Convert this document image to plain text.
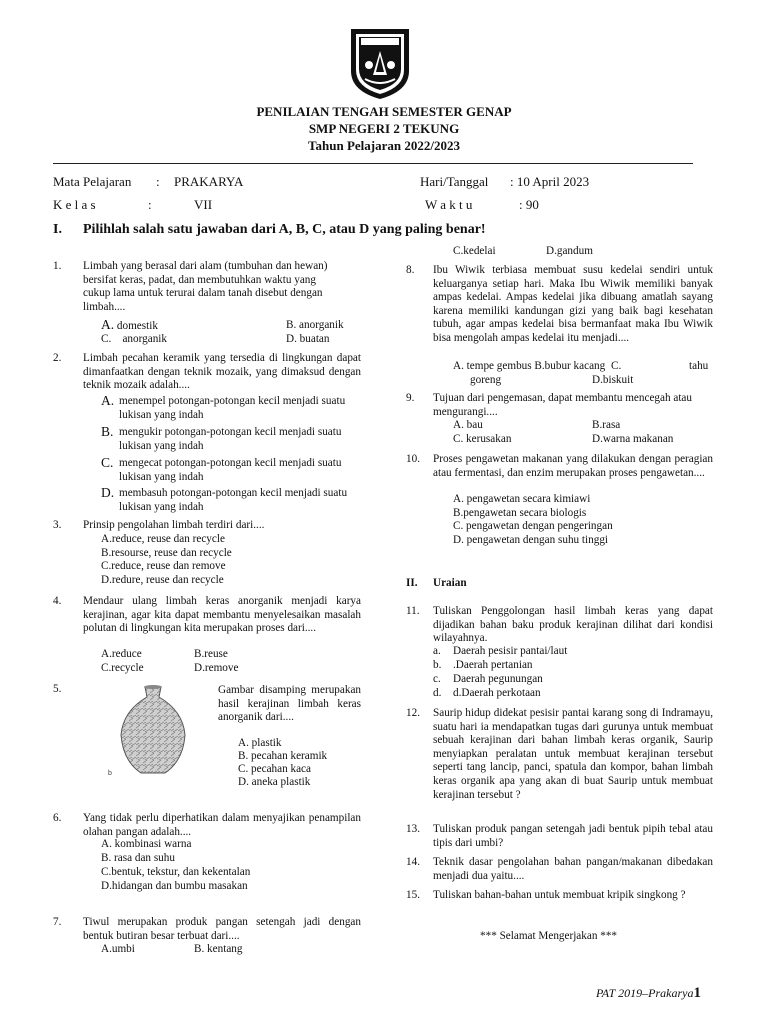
PENILAIAN TENGAH SEMESTER GENAP
SMP NEGERI 2 TEKUNG
Tahun Pelajaran 2022/2023
Mata Pelajaran : PRAKARYA	Hari/Tanggal : 10 April 2023
K e l a s	:	VII	W a k t u	: 90
I. Pilihlah salah satu jawaban dari A, B, C, atau D yang paling benar!
1. Limbah yang berasal dari alam (tumbuhan dan hewan) bersifat keras, padat, dan membutuhkan waktu yang cukup lama untuk terurai dalam tanah disebut dengan limbah....
A. domestik	B. anorganik
C. anorganik	D. buatan
2. Limbah pecahan keramik yang tersedia di lingkungan dapat dimanfaatkan dengan teknik mozaik, yang dimaksud dengan teknik mozaik adalah....
A. menempel potongan-potongan kecil menjadi suatu lukisan yang indah
B. mengukir potongan-potongan kecil menjadi suatu lukisan yang indah
C. mengecat potongan-potongan kecil menjadi suatu lukisan yang indah
D. membasuh potongan-potongan kecil menjadi suatu lukisan yang indah
3. Prinsip pengolahan limbah terdiri dari....
A.reduce, reuse dan recycle
B.resourse, reuse dan recycle
C.reduce, reuse dan remove
D.redure, reuse dan recycle
4. Mendaur ulang limbah keras anorganik menjadi karya kerajinan, agar kita dapat membantu menyelesaikan masalah polutan di lingkungan kita merupakan proses dari....
A.reduce	B.reuse
C.recycle	D.remove
5.
b
Gambar disamping merupakan hasil kerajinan limbah keras anorganik dari....
A. plastik
B. pecahan keramik
C. pecahan kaca
D. aneka plastik
6. Yang tidak perlu diperhatikan dalam menyajikan penampilan olahan pangan adalah....
A. kombinasi warna
B. rasa dan suhu
C.bentuk, tekstur, dan kekentalan
D.hidangan dan bumbu masakan
7. Tiwul merupakan produk pangan setengah jadi dengan bentuk butiran besar terbuat dari....
A.umbi	B. kentang
C.kedelai	D.gandum
8. Ibu Wiwik terbiasa membuat susu kedelai sendiri untuk keluarganya setiap hari. Maka Ibu Wiwik memiliki banyak ampas kedelai. Ampas kedelai jika dibuang amatlah sayang karena memiliki kandungan gizi yang baik bagi kesehatan tubuh, agar ampas kedelai bisa bermanfaat maka Ibu Wiwik bisa mengolah ampas kedelai itu menjadi....
A. tempe gembus B.bubur kacang C.	tahu
goreng	D.biskuit
9. Tujuan dari pengemasan, dapat membantu mencegah atau mengurangi....
A. bau	B.rasa
C. kerusakan	D.warna makanan
10. Proses pengawetan makanan yang dilakukan dengan peragian atau fermentasi, dan enzim merupakan proses pengawetan....
A. pengawetan secara kimiawi
B.pengawetan secara biologis
C. pengawetan dengan pengeringan
D. pengawetan dengan suhu tinggi
II. Uraian
11. Tuliskan Penggolongan hasil limbah keras yang dapat dijadikan bahan baku produk kerajinan dilihat dari kondisi wilayahnya.
a. Daerah pesisir pantai/laut
b. .Daerah pertanian
c. Daerah pegunungan
d. d.Daerah perkotaan
12. Saurip hidup didekat pesisir pantai karang song di Indramayu, suatu hari ia mendapatkan tugas dari gurunya untuk membuat sebuah kerajinan dari bahan limbah keras organik, Saurip menyiapkan peralatan untuk membuat kerajinan tersebut seperti tang lancip, panci, spatula dan kompor, bahan limbah keras organik apa yang akan di buat Saurip untuk membuat kerajinan tersebut ?
13. Tuliskan produk pangan setengah jadi bentuk pipih tebal atau tipis dari umbi?
14. Teknik dasar pengolahan bahan pangan/makanan dibedakan menjadi dua yaitu....
15. Tuliskan bahan-bahan untuk membuat kripik singkong ?
*** Selamat Mengerjakan ***
PAT 2019–Prakarya1
